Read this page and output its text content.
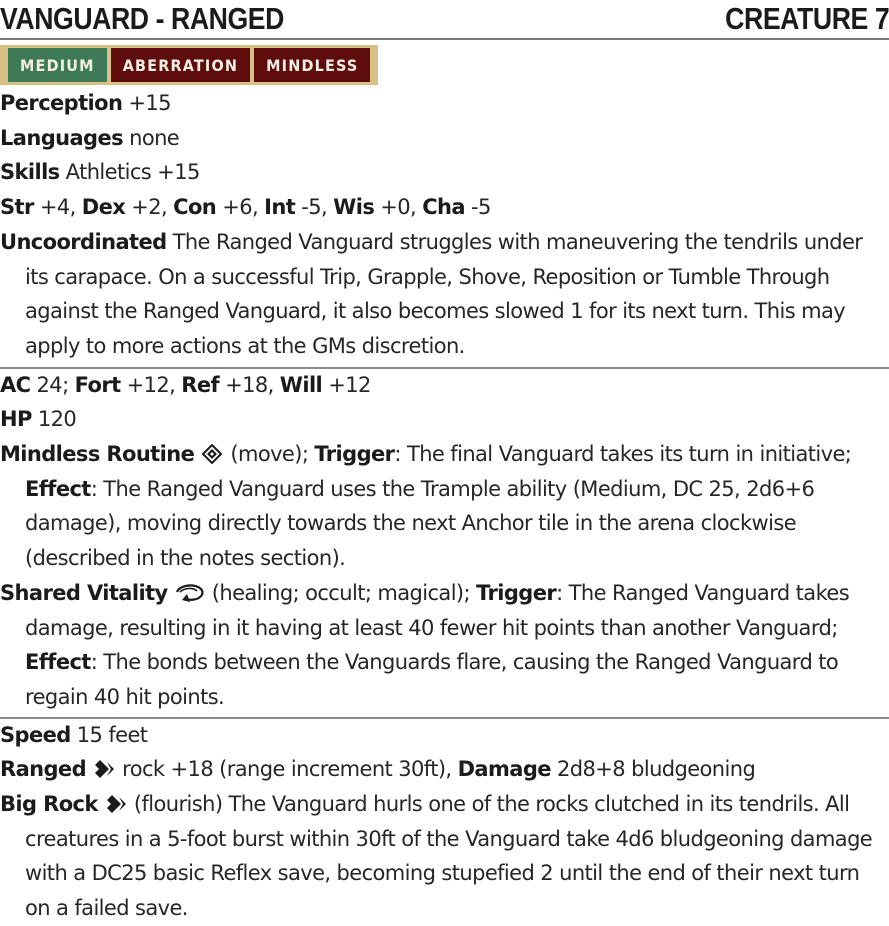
VANGUARD - RANGED	CREATURE 7
MEDIUM	ABERRATION	MINDLESS
Perception +15
Languages none
Skills Athletics +15
Str +4, Dex +2, Con +6, Int -5, Wis +0, Cha -5
Uncoordinated The Ranged Vanguard struggles with maneuvering the tendrils under its carapace. On a successful Trip, Grapple, Shove, Reposition or Tumble Through against the Ranged Vanguard, it also becomes slowed 1 for its next turn. This may apply to more actions at the GMs discretion.
AC 24; Fort +12, Ref +18, Will +12
HP 120
Mindless Routine (move); Trigger: The final Vanguard takes its turn in initiative; Effect: The Ranged Vanguard uses the Trample ability (Medium, DC 25, 2d6+6 damage), moving directly towards the next Anchor tile in the arena clockwise (described in the notes section).
Shared Vitality (healing; occult; magical); Trigger: The Ranged Vanguard takes damage, resulting in it having at least 40 fewer hit points than another Vanguard; Effect: The bonds between the Vanguards flare, causing the Ranged Vanguard to regain 40 hit points.
Speed 15 feet
Ranged rock +18 (range increment 30ft), Damage 2d8+8 bludgeoning
Big Rock (flourish) The Vanguard hurls one of the rocks clutched in its tendrils. All creatures in a 5-foot burst within 30ft of the Vanguard take 4d6 bludgeoning damage with a DC25 basic Reflex save, becoming stupefied 2 until the end of their next turn on a failed save.
